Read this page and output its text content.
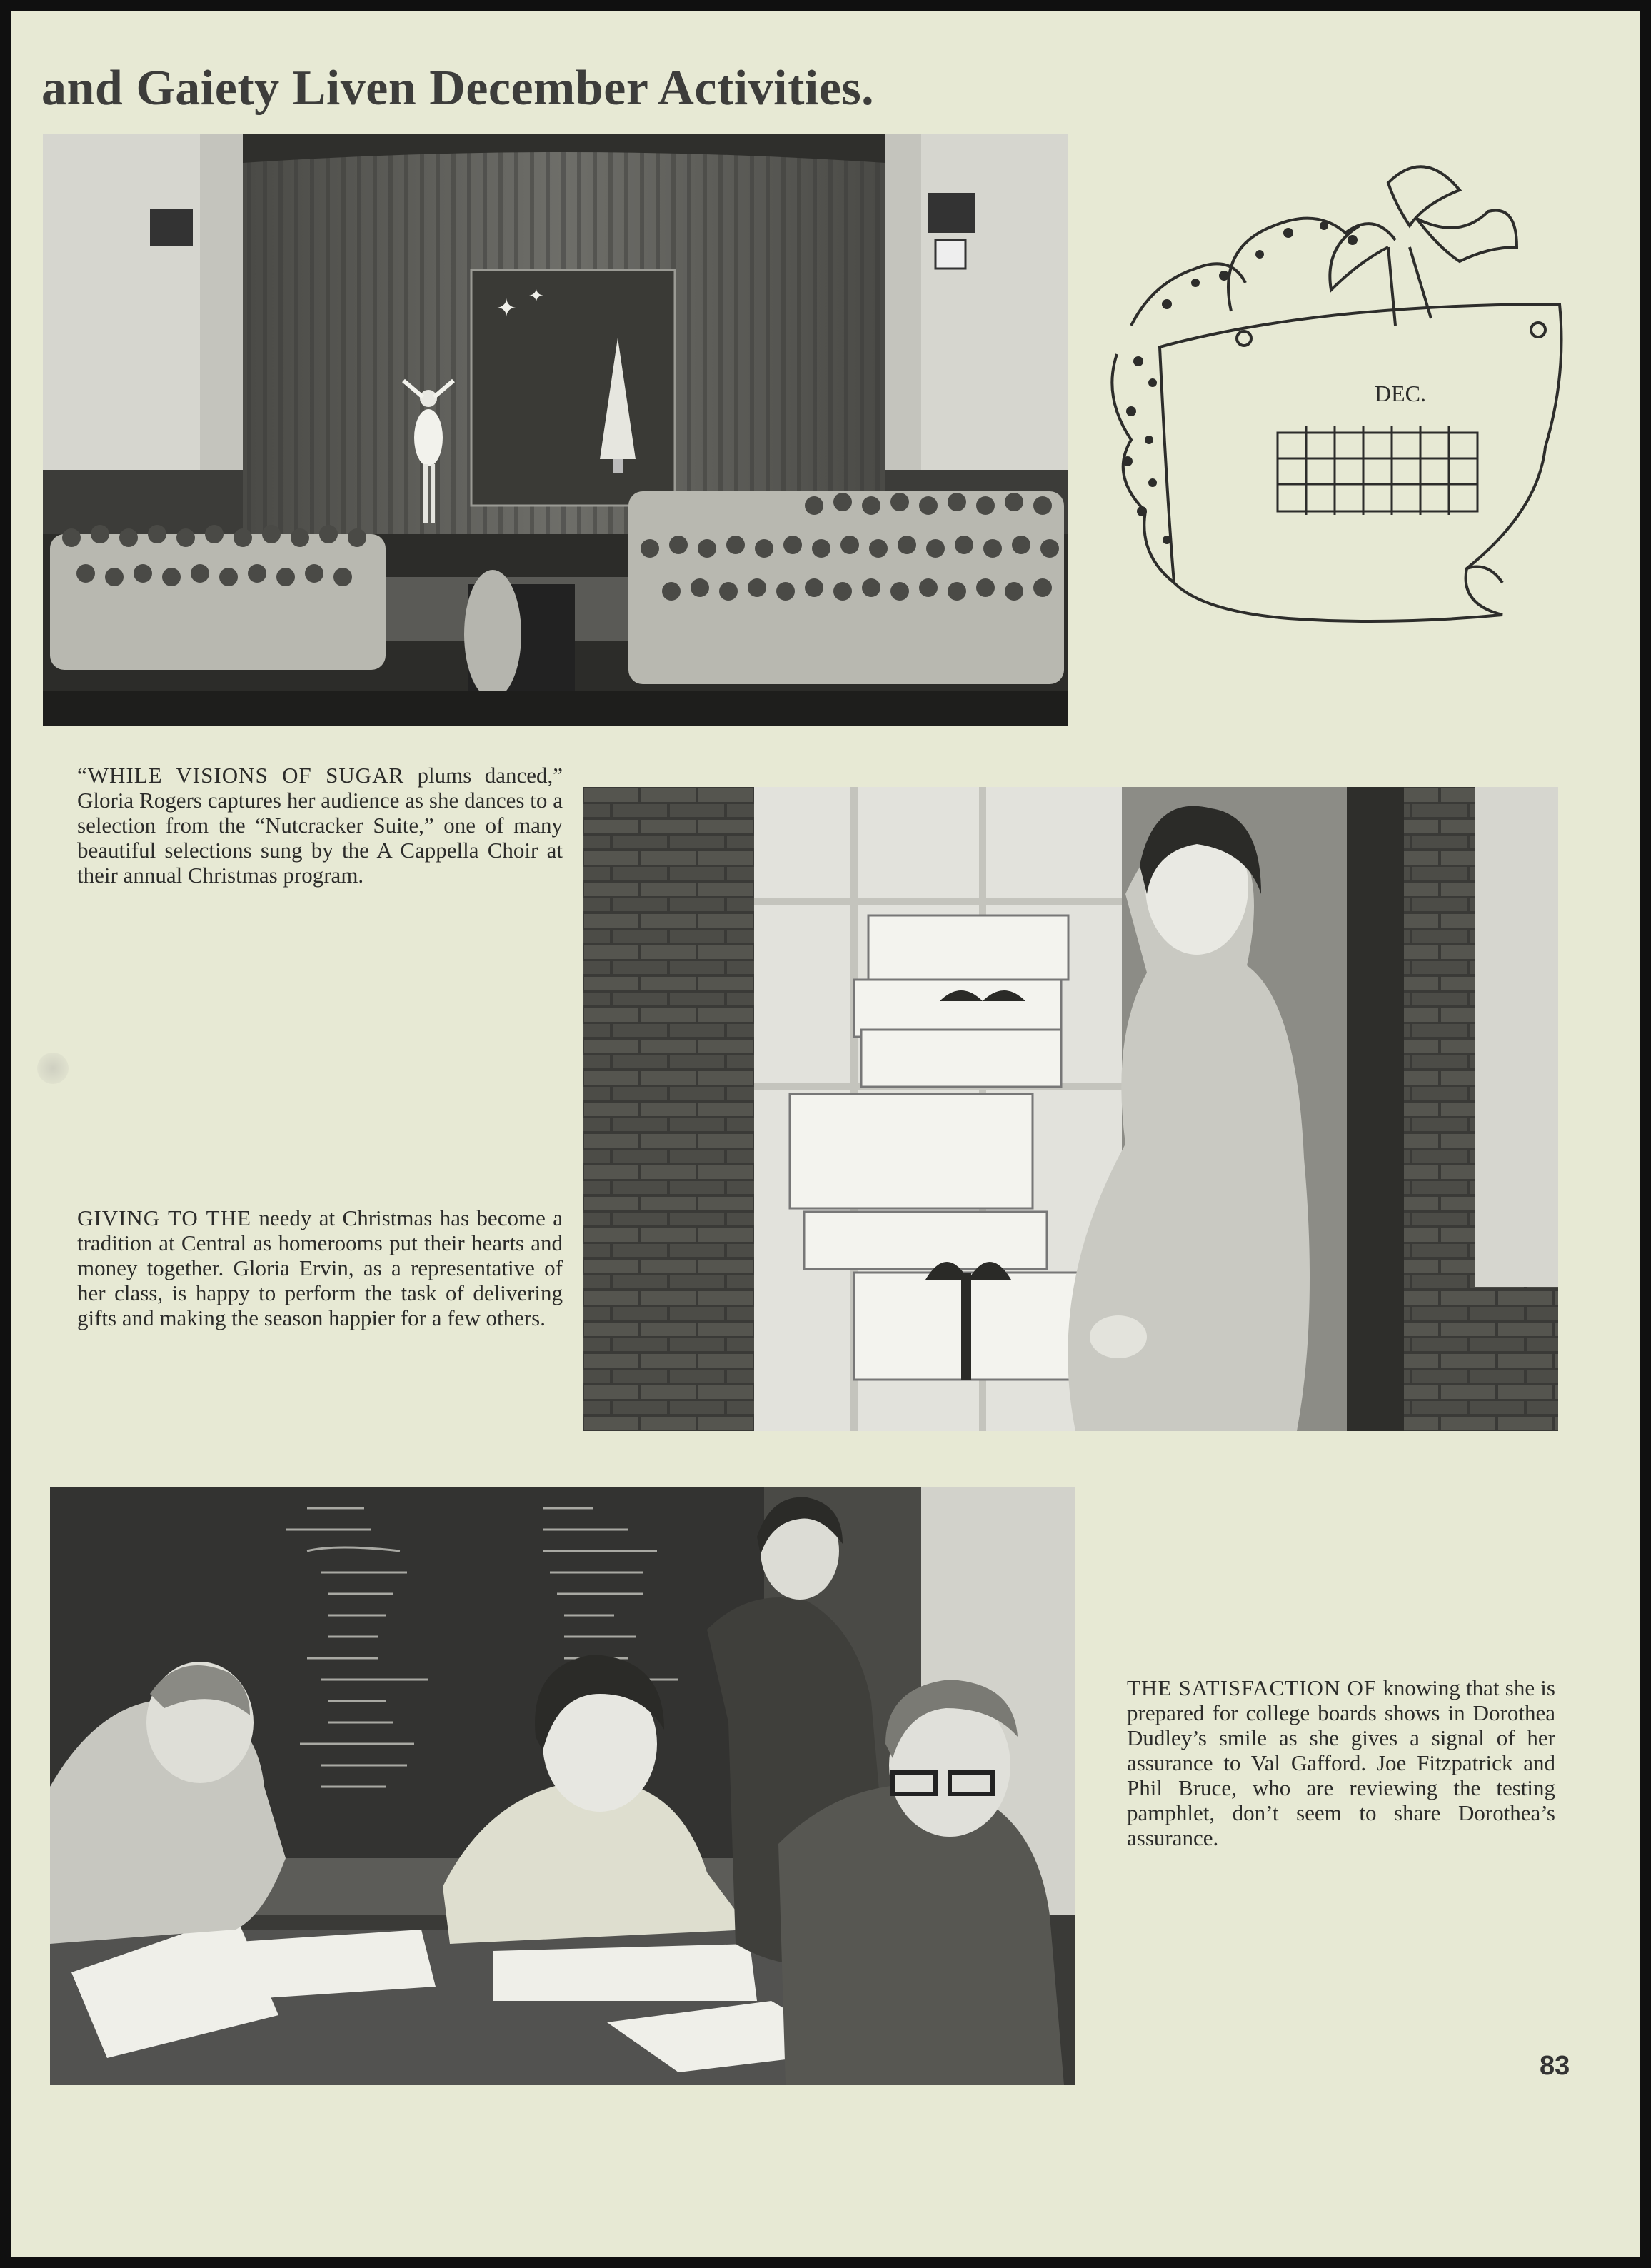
and Gaiety Liven December Activities.
✦ ✦
DEC.

“WHILE VISIONS OF SUGAR plums danced,” Gloria Rogers captures her audience as she dances to a selection from the “Nutcracker Suite,” one of many beautiful selections sung by the A Cappella Choir at their annual Christmas program.

GIVING TO THE needy at Christmas has become a tradition at Central as homerooms put their hearts and money together. Gloria Ervin, as a representative of her class, is happy to perform the task of delivering gifts and making the season happier for a few others.

THE SATISFACTION OF knowing that she is prepared for college boards shows in Dorothea Dudley’s smile as she gives a signal of her assurance to Val Gafford. Joe Fitzpatrick and Phil Bruce, who are reviewing the testing pamphlet, don’t seem to share Dorothea’s assurance.

83
